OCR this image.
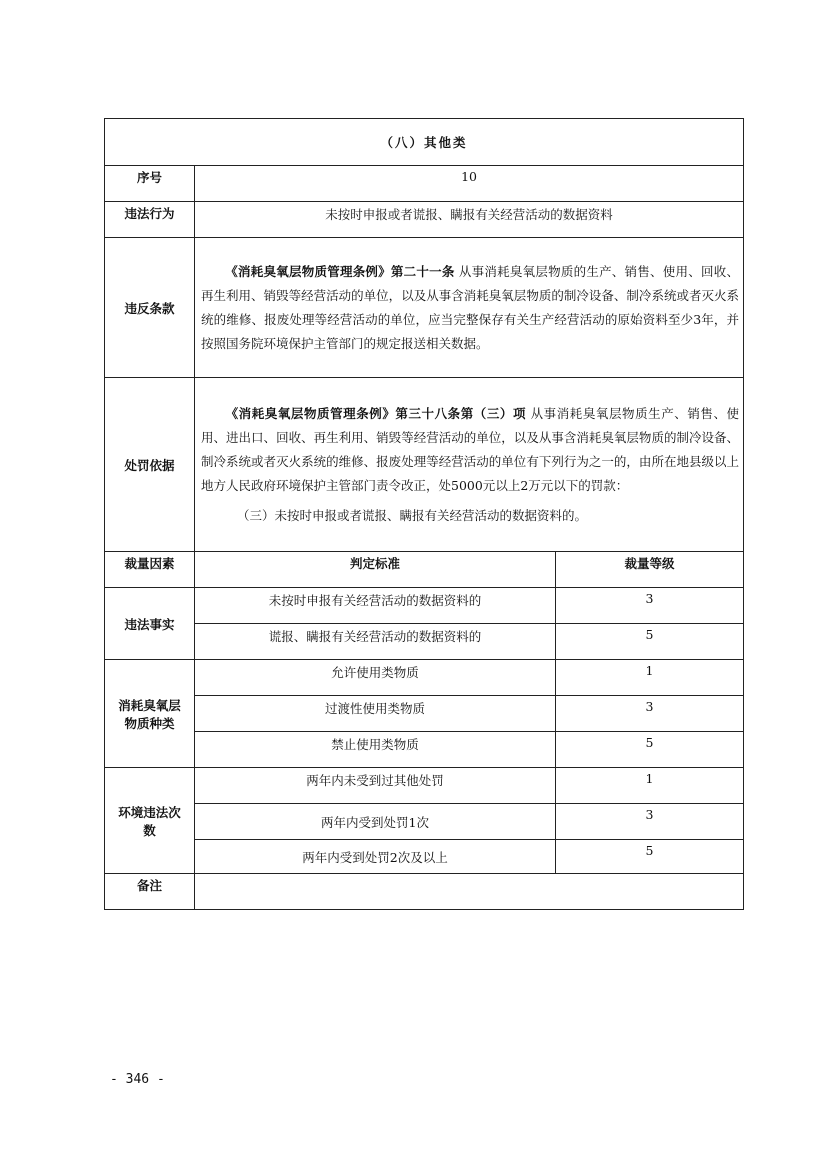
（八）其他类		
序号	10	
违法行为	未按时申报或者谎报、瞒报有关经营活动的数据资料	
违反条款	《消耗臭氧层物质管理条例》第二十一条 从事消耗臭氧层物质的生产、销售、使用、回收、再生利用、销毁等经营活动的单位，以及从事含消耗臭氧层物质的制冷设备、制冷系统或者灭火系统的维修、报废处理等经营活动的单位，应当完整保存有关生产经营活动的原始资料至少3年，并按照国务院环境保护主管部门的规定报送相关数据。	

处罚依据	《消耗臭氧层物质管理条例》第三十八条第（三）项 从事消耗臭氧层物质生产、销售、使用、进出口、回收、再生利用、销毁等经营活动的单位，以及从事含消耗臭氧层物质的制冷设备、制冷系统或者灭火系统的维修、报废处理等经营活动的单位有下列行为之一的，由所在地县级以上地方人民政府环境保护主管部门责令改正，处5000元以上2万元以下的罚款：

（三）未按时申报或者谎报、瞒报有关经营活动的数据资料的。	

裁量因素	判定标准	裁量等级
违法事实	未按时申报有关经营活动的数据资料的	3
	谎报、瞒报有关经营活动的数据资料的	5

消耗臭氧层
物质种类	允许使用类物质	1
	过渡性使用类物质	3
	禁止使用类物质	5

环境违法次
数	两年内未受到过其他处罚	1
	两年内受到处罚1次	3
	两年内受到处罚2次及以上	5
备注		
- 346 -
